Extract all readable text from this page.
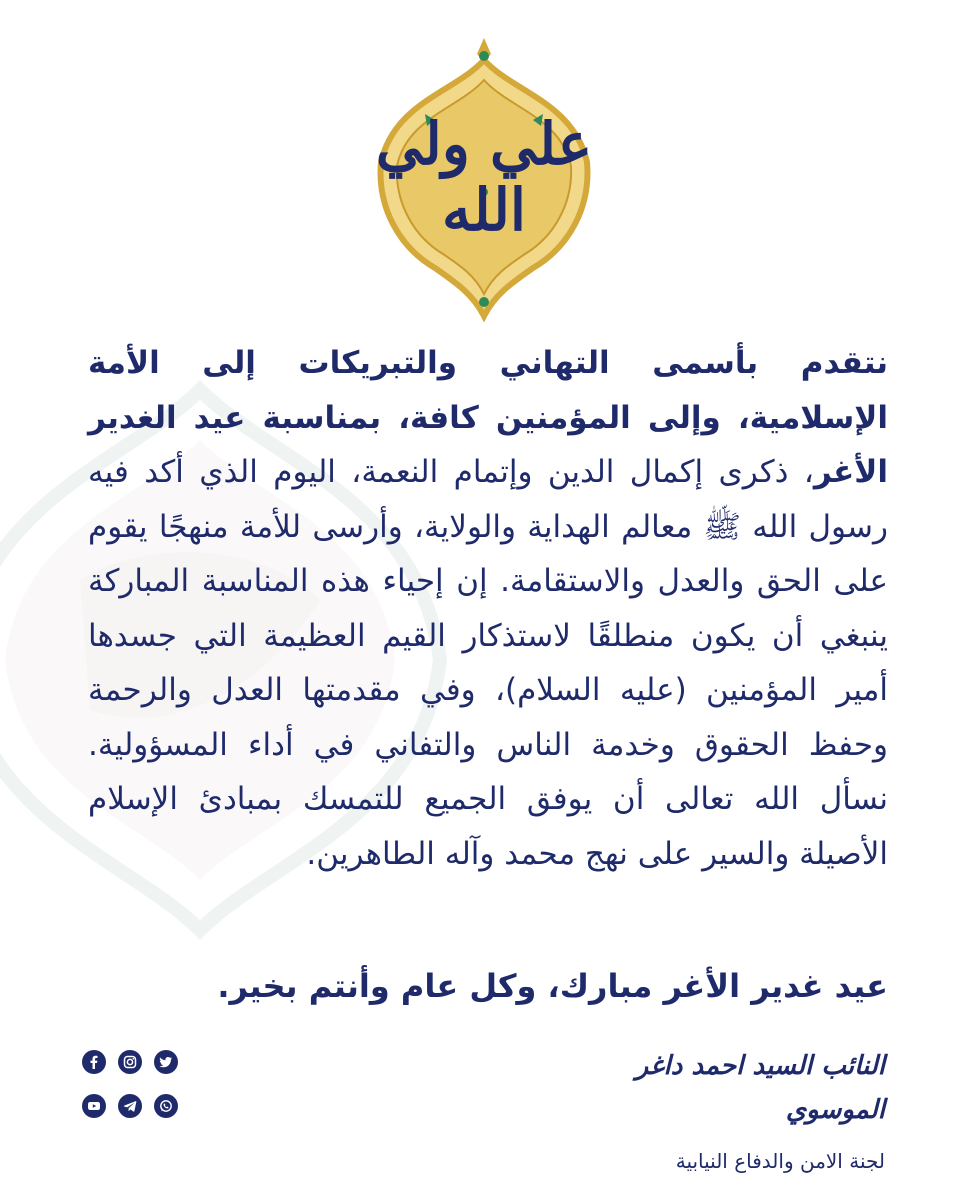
علي ولي الله
نتقدم بأسمى التهاني والتبريكات إلى الأمة الإسلامية، وإلى المؤمنين كافة، بمناسبة عيد الغدير الأغر، ذكرى إكمال الدين وإتمام النعمة، اليوم الذي أكد فيه رسول الله ﷺ معالم الهداية والولاية، وأرسى للأمة منهجًا يقوم على الحق والعدل والاستقامة. إن إحياء هذه المناسبة المباركة ينبغي أن يكون منطلقًا لاستذكار القيم العظيمة التي جسدها أمير المؤمنين (عليه السلام)، وفي مقدمتها العدل والرحمة وحفظ الحقوق وخدمة الناس والتفاني في أداء المسؤولية. نسأل الله تعالى أن يوفق الجميع للتمسك بمبادئ الإسلام الأصيلة والسير على نهج محمد وآله الطاهرين.
عيد غدير الأغر مبارك، وكل عام وأنتم بخير.
النائب السيد احمد داغر الموسوي
لجنة الامن والدفاع النيابية
